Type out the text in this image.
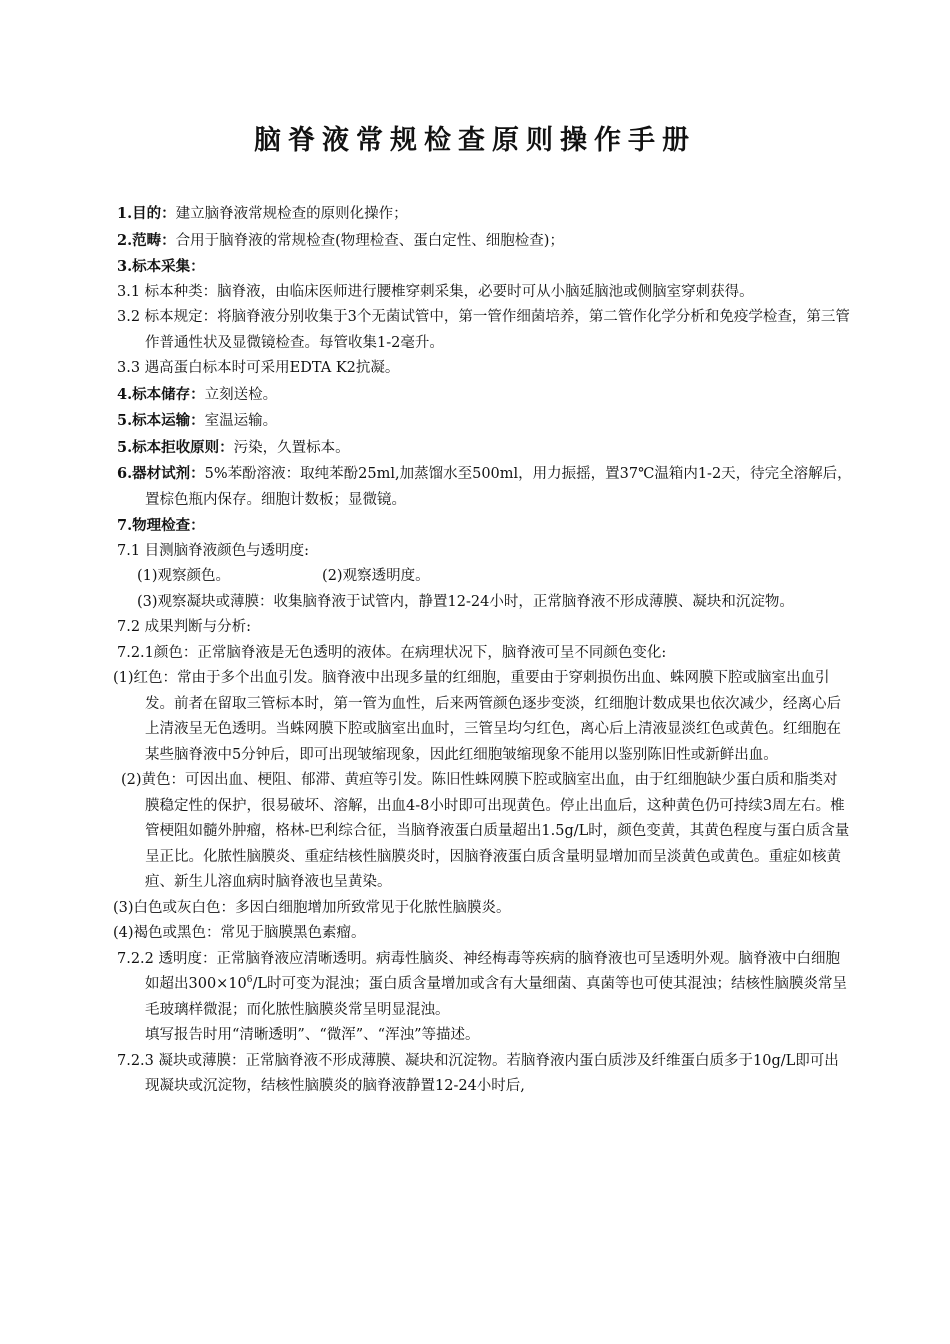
脑脊液常规检查原则操作手册

1.目的：建立脑脊液常规检查的原则化操作；

2.范畴：合用于脑脊液的常规检查(物理检查、蛋白定性、细胞检查)；

3.标本采集：

3.1 标本种类：脑脊液，由临床医师进行腰椎穿刺采集，必要时可从小脑延脑池或侧脑室穿刺获得。

3.2 标本规定：将脑脊液分别收集于3个无菌试管中，第一管作细菌培养，第二管作化学分析和免疫学检查，第三管作普通性状及显微镜检查。每管收集1-2毫升。

3.3 遇高蛋白标本时可采用EDTA K2抗凝。

4.标本储存：立刻送检。

5.标本运输：室温运输。

5.标本拒收原则：污染，久置标本。

6.器材试剂：5%苯酚溶液：取纯苯酚25ml,加蒸馏水至500ml，用力振摇，置37℃温箱内1-2天，待完全溶解后，置棕色瓶内保存。细胞计数板；显微镜。

7.物理检查：

7.1 目测脑脊液颜色与透明度:

(1)观察颜色。	(2)观察透明度。

(3)观察凝块或薄膜：收集脑脊液于试管内，静置12-24小时，正常脑脊液不形成薄膜、凝块和沉淀物。

7.2 成果判断与分析:

7.2.1颜色：正常脑脊液是无色透明的液体。在病理状况下，脑脊液可呈不同颜色变化:

(1)红色：常由于多个出血引发。脑脊液中出现多量的红细胞，重要由于穿刺损伤出血、蛛网膜下腔或脑室出血引发。前者在留取三管标本时，第一管为血性，后来两管颜色逐步变淡，红细胞计数成果也依次减少，经离心后上清液呈无色透明。当蛛网膜下腔或脑室出血时，三管呈均匀红色，离心后上清液显淡红色或黄色。红细胞在某些脑脊液中5分钟后，即可出现皱缩现象，因此红细胞皱缩现象不能用以鉴别陈旧性或新鲜出血。

(2)黄色：可因出血、梗阻、郁滞、黄疸等引发。陈旧性蛛网膜下腔或脑室出血，由于红细胞缺少蛋白质和脂类对膜稳定性的保护，很易破坏、溶解，出血4-8小时即可出现黄色。停止出血后，这种黄色仍可持续3周左右。椎管梗阻如髓外肿瘤，格林-巴利综合征，当脑脊液蛋白质量超出1.5g/L时，颜色变黄，其黄色程度与蛋白质含量呈正比。化脓性脑膜炎、重症结核性脑膜炎时，因脑脊液蛋白质含量明显增加而呈淡黄色或黄色。重症如核黄疸、新生儿溶血病时脑脊液也呈黄染。

(3)白色或灰白色：多因白细胞增加所致常见于化脓性脑膜炎。

(4)褐色或黑色：常见于脑膜黑色素瘤。

7.2.2 透明度：正常脑脊液应清晰透明。病毒性脑炎、神经梅毒等疾病的脑脊液也可呈透明外观。脑脊液中白细胞如超出$300\times 10^6/L$时可变为混浊；蛋白质含量增加或含有大量细菌、真菌等也可使其混浊；结核性脑膜炎常呈毛玻璃样微混；而化脓性脑膜炎常呈明显混浊。

填写报告时用“清晰透明”、“微浑”、“浑浊”等描述。

7.2.3 凝块或薄膜：正常脑脊液不形成薄膜、凝块和沉淀物。若脑脊液内蛋白质涉及纤维蛋白质多于10g/L即可出现凝块或沉淀物，结核性脑膜炎的脑脊液静置12-24小时后,
